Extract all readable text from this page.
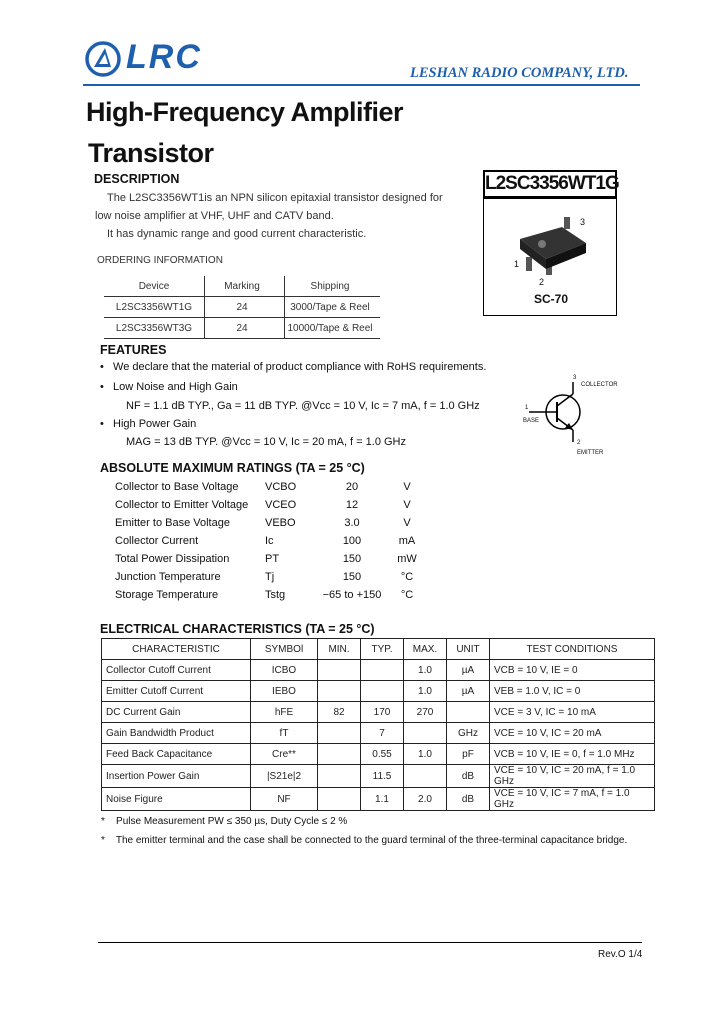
LRC	LESHAN RADIO COMPANY, LTD.
High-Frequency Amplifier
Transistor
L2SC3356WT1G
3
1
2
SC-70
DESCRIPTION
The L2SC3356WT1is an NPN silicon epitaxial transistor designed for
low noise amplifier at VHF, UHF and CATV band.
It has dynamic range and good current characteristic.
ORDERING INFORMATION
Device	Marking	Shipping
L2SC3356WT1G	24	3000/Tape & Reel
L2SC3356WT3G	24	10000/Tape & Reel
FEATURES
•   We declare that the material of product compliance with RoHS requirements.
•   Low Noise and High Gain
NF = 1.1 dB TYP., Ga = 11 dB TYP. @Vcc = 10 V, Ic = 7 mA, f = 1.0 GHz
•   High Power Gain
MAG = 13 dB TYP. @Vcc = 10 V, Ic = 20 mA, f = 1.0 GHz
3
COLLECTOR
1
BASE
2
EMITTER
ABSOLUTE MAXIMUM RATINGS (TA = 25 °C)
Collector to Base Voltage	VCBO	20	V
Collector to Emitter Voltage	VCEO	12	V
Emitter to Base Voltage	VEBO	3.0	V
Collector Current	Ic	100	mA
Total Power Dissipation	PT	150	mW
Junction Temperature	Tj	150	°C
Storage Temperature	Tstg	−65 to +150	°C
ELECTRICAL CHARACTERISTICS (TA = 25 °C)
CHARACTERISTIC	SYMBOl	MIN.	TYP.	MAX.	UNIT	TEST CONDITIONS
Collector Cutoff Current	ICBO			1.0	µA	VCB = 10 V, IE = 0
Emitter Cutoff Current	IEBO			1.0	µA	VEB = 1.0 V, IC = 0
DC Current Gain	hFE	82	170	270		VCE = 3 V, IC = 10 mA
Gain Bandwidth Product	fT		7		GHz	VCE = 10 V, IC = 20 mA
Feed Back Capacitance	Cre**		0.55	1.0	pF	VCB = 10 V, IE = 0, f = 1.0 MHz
Insertion Power Gain	|S21e|2		11.5		dB	VCE = 10 V, IC = 20 mA, f = 1.0 GHz
Noise Figure	NF		1.1	2.0	dB	VCE = 10 V, IC = 7 mA, f = 1.0 GHz
* Pulse Measurement PW ≤ 350 µs, Duty Cycle ≤ 2 %
* The emitter terminal and the case shall be connected to the guard terminal of the three-terminal capacitance bridge.
Rev.O 1/4
